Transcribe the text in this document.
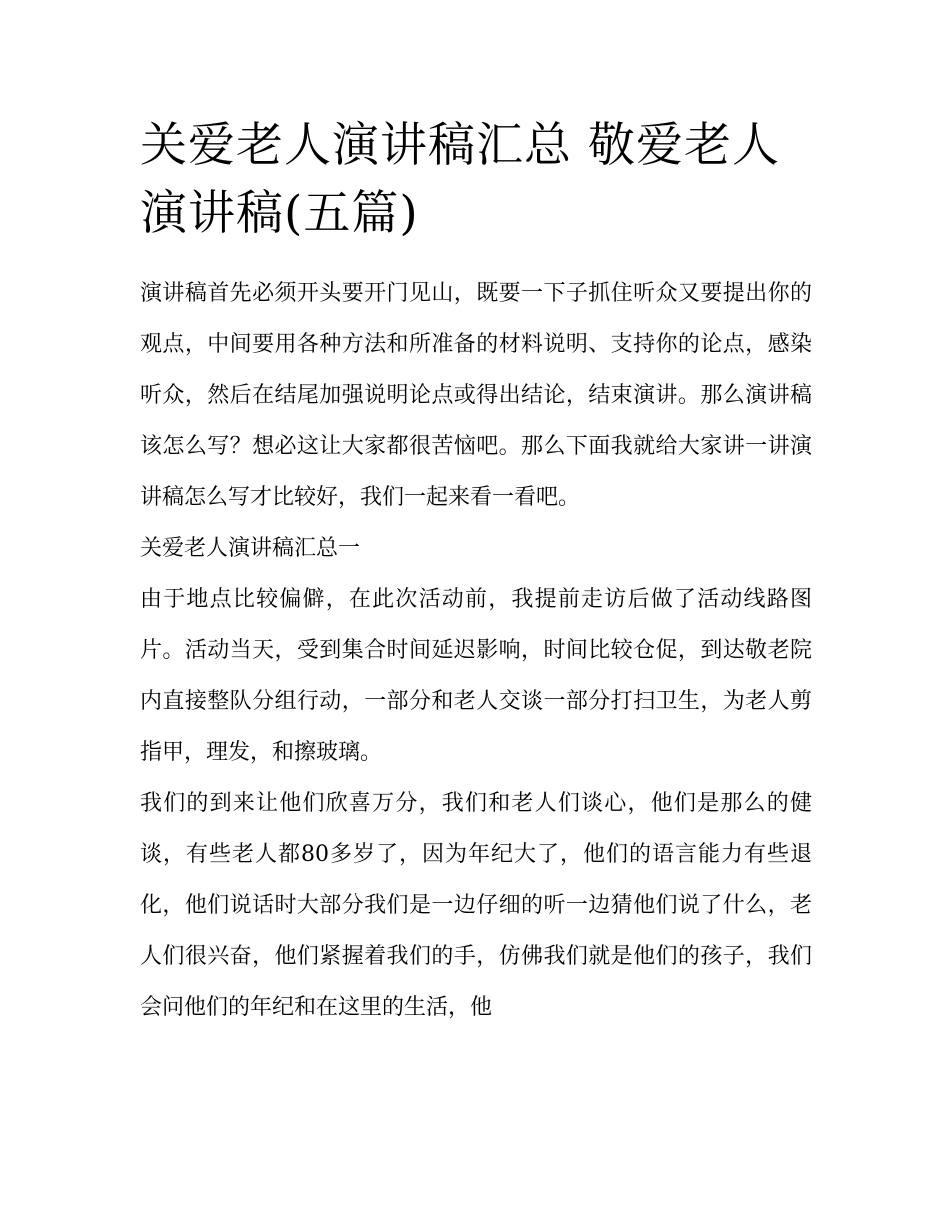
关爱老人演讲稿汇总 敬爱老人演讲稿(五篇)

演讲稿首先必须开头要开门见山，既要一下子抓住听众又要提出你的观点，中间要用各种方法和所准备的材料说明、支持你的论点，感染听众，然后在结尾加强说明论点或得出结论，结束演讲。那么演讲稿该怎么写？想必这让大家都很苦恼吧。那么下面我就给大家讲一讲演讲稿怎么写才比较好，我们一起来看一看吧。

关爱老人演讲稿汇总一

由于地点比较偏僻，在此次活动前，我提前走访后做了活动线路图片。活动当天，受到集合时间延迟影响，时间比较仓促，到达敬老院内直接整队分组行动，一部分和老人交谈一部分打扫卫生，为老人剪指甲，理发，和擦玻璃。

我们的到来让他们欣喜万分，我们和老人们谈心，他们是那么的健谈，有些老人都80多岁了，因为年纪大了，他们的语言能力有些退化，他们说话时大部分我们是一边仔细的听一边猜他们说了什么，老人们很兴奋，他们紧握着我们的手，仿佛我们就是他们的孩子，我们会问他们的年纪和在这里的生活，他
